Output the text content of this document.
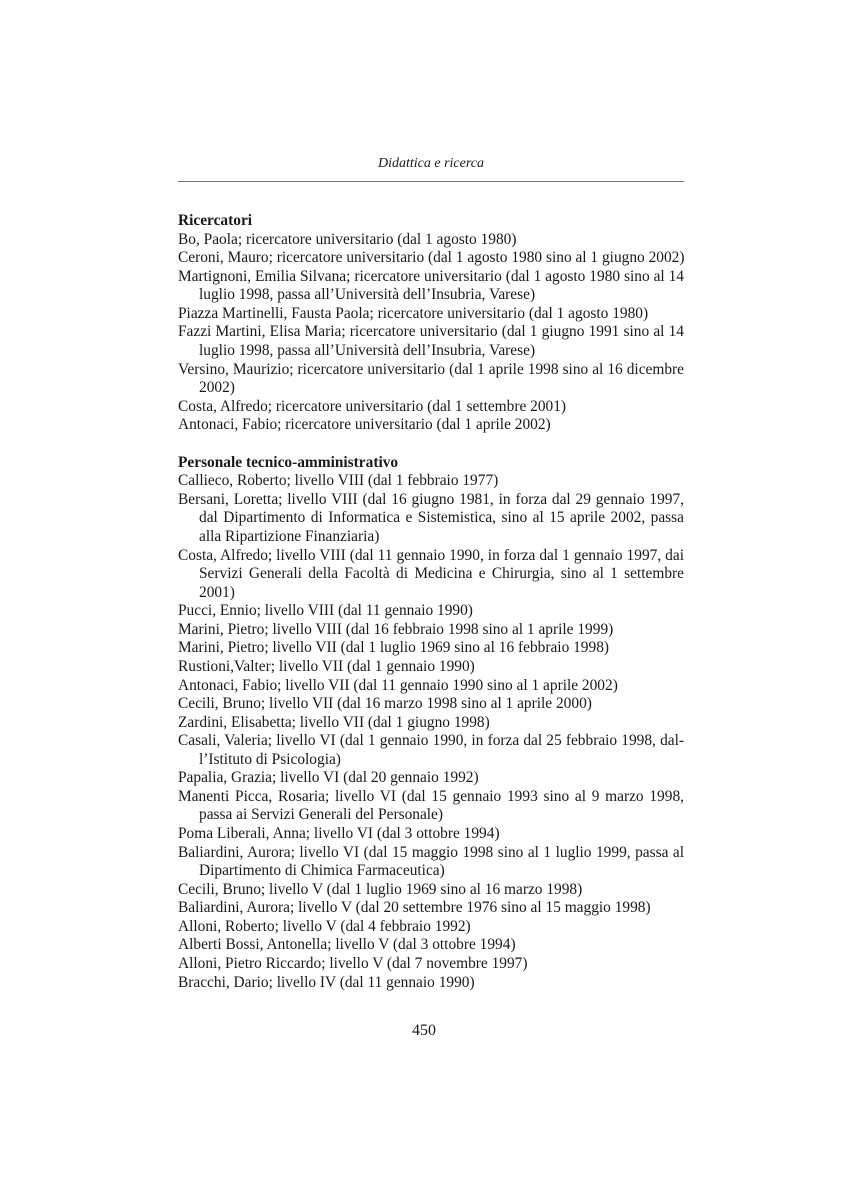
Didattica e ricerca
Ricercatori
Bo, Paola; ricercatore universitario (dal 1 agosto 1980)
Ceroni, Mauro; ricercatore universitario (dal 1 agosto 1980 sino al 1 giugno 2002)
Martignoni, Emilia Silvana; ricercatore universitario (dal 1 agosto 1980 sino al 14
luglio 1998, passa all’Università dell’Insubria, Varese)
Piazza Martinelli, Fausta Paola; ricercatore universitario (dal 1 agosto 1980)
Fazzi Martini, Elisa Maria; ricercatore universitario (dal 1 giugno 1991 sino al 14
luglio 1998, passa all’Università dell’Insubria, Varese)
Versino, Maurizio; ricercatore universitario (dal 1 aprile 1998 sino al 16 dicembre
2002)
Costa, Alfredo; ricercatore universitario (dal 1 settembre 2001)
Antonaci, Fabio; ricercatore universitario (dal 1 aprile 2002)
Personale tecnico-amministrativo
Callieco, Roberto; livello VIII (dal 1 febbraio 1977)
Bersani, Loretta; livello VIII (dal 16 giugno 1981, in forza dal 29 gennaio 1997,
dal Dipartimento di Informatica e Sistemistica, sino al 15 aprile 2002, passa
alla Ripartizione Finanziaria)
Costa, Alfredo; livello VIII (dal 11 gennaio 1990, in forza dal 1 gennaio 1997, dai
Servizi Generali della Facoltà di Medicina e Chirurgia, sino al 1 settembre
2001)
Pucci, Ennio; livello VIII (dal 11 gennaio 1990)
Marini, Pietro; livello VIII (dal 16 febbraio 1998 sino al 1 aprile 1999)
Marini, Pietro; livello VII (dal 1 luglio 1969 sino al 16 febbraio 1998)
Rustioni,Valter; livello VII (dal 1 gennaio 1990)
Antonaci, Fabio; livello VII (dal 11 gennaio 1990 sino al 1 aprile 2002)
Cecili, Bruno; livello VII (dal 16 marzo 1998 sino al 1 aprile 2000)
Zardini, Elisabetta; livello VII (dal 1 giugno 1998)
Casali, Valeria; livello VI (dal 1 gennaio 1990, in forza dal 25 febbraio 1998, dal-
l’Istituto di Psicologia)
Papalia, Grazia; livello VI (dal 20 gennaio 1992)
Manenti Picca, Rosaria; livello VI (dal 15 gennaio 1993 sino al 9 marzo 1998,
passa ai Servizi Generali del Personale)
Poma Liberali, Anna; livello VI (dal 3 ottobre 1994)
Baliardini, Aurora; livello VI (dal 15 maggio 1998 sino al 1 luglio 1999, passa al
Dipartimento di Chimica Farmaceutica)
Cecili, Bruno; livello V (dal 1 luglio 1969 sino al 16 marzo 1998)
Baliardini, Aurora; livello V (dal 20 settembre 1976 sino al 15 maggio 1998)
Alloni, Roberto; livello V (dal 4 febbraio 1992)
Alberti Bossi, Antonella; livello V (dal 3 ottobre 1994)
Alloni, Pietro Riccardo; livello V (dal 7 novembre 1997)
Bracchi, Dario; livello IV (dal 11 gennaio 1990)
450
